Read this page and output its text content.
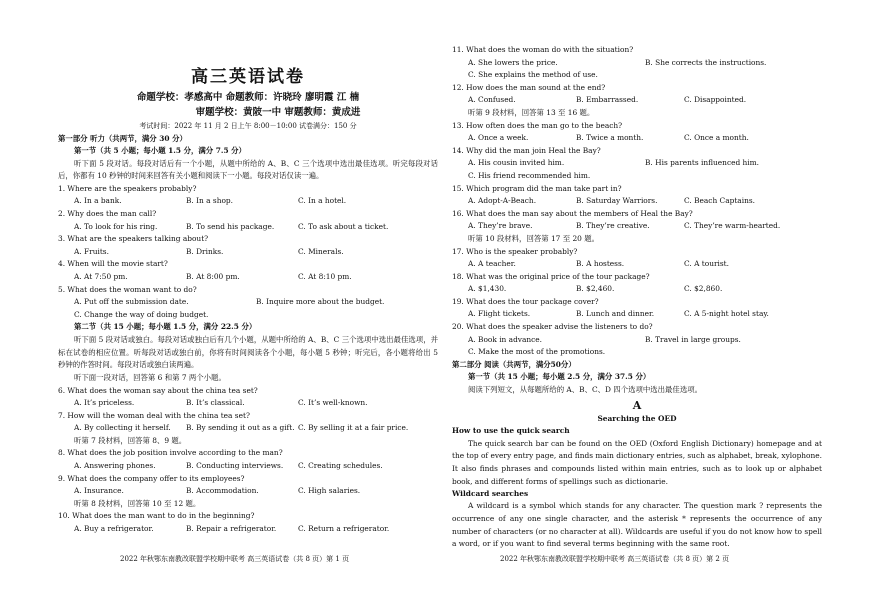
高三英语试卷
命题学校：孝感高中 命题教师：许晓玲 廖明霞 江 楠
审题学校：黄陂一中 审题教师：黄成进
考试时间：2022 年 11 月 2 日上午 8:00－10:00 试卷满分：150 分
第一部分 听力（共两节，满分 30 分）
第一节（共 5 小题；每小题 1.5 分，满分 7.5 分）
听下面 5 段对话。每段对话后有一个小题，从题中所给的 A、B、C 三个选项中选出最佳选项。听完每段对话后，你都有 10 秒钟的时间来回答有关小题和阅读下一小题。每段对话仅读一遍。
1. Where are the speakers probably?
A. In a bank.	B. In a shop.	C. In a hotel.
2. Why does the man call?
A. To look for his ring.	B. To send his package.	C. To ask about a ticket.
3. What are the speakers talking about?
A. Fruits.	B. Drinks.	C. Minerals.
4. When will the movie start?
A. At 7:50 pm.	B. At 8:00 pm.	C. At 8:10 pm.
5. What does the woman want to do?
A. Put off the submission date.	B. Inquire more about the budget.
C. Change the way of doing budget.
第二节（共 15 小题；每小题 1.5 分，满分 22.5 分）
听下面 5 段对话或独白。每段对话或独白后有几个小题，从题中所给的 A、B、C 三个选项中选出最佳选项，并标在试卷的相应位置。听每段对话或独白前，你将有时间阅读各个小题，每小题 5 秒钟；听完后，各小题将给出 5 秒钟的作答时间。每段对话或独白读两遍。
听下面一段对话，回答第 6 和第 7 两个小题。
6. What does the woman say about the china tea set?
A. It’s priceless.	B. It’s classical.	C. It’s well-known.
7. How will the woman deal with the china tea set?
A. By collecting it herself.	B. By sending it out as a gift. C. By selling it at a fair price.
听第 7 段材料，回答第 8、9 题。
8. What does the job position involve according to the man?
A. Answering phones.	B. Conducting interviews.	C. Creating schedules.
9. What does the company offer to its employees?
A. Insurance.	B. Accommodation.	C. High salaries.
听第 8 段材料，回答第 10 至 12 题。
10. What does the man want to do in the beginning?
A. Buy a refrigerator.	B. Repair a refrigerator.	C. Return a refrigerator.
2022 年秋鄂东南教改联盟学校期中联考 高三英语试卷（共 8 页）第 1 页
11. What does the woman do with the situation?
A. She lowers the price.	B. She corrects the instructions.
C. She explains the method of use.
12. How does the man sound at the end?
A. Confused.	B. Embarrassed.	C. Disappointed.
听第 9 段材料，回答第 13 至 16 题。
13. How often does the man go to the beach?
A. Once a week.	B. Twice a month.	C. Once a month.
14. Why did the man join Heal the Bay?
A. His cousin invited him.	B. His parents influenced him.
C. His friend recommended him.
15. Which program did the man take part in?
A. Adopt-A-Beach.	B. Saturday Warriors.	C. Beach Captains.
16. What does the man say about the members of Heal the Bay?
A. They’re brave.	B. They’re creative.	C. They’re warm-hearted.
听第 10 段材料，回答第 17 至 20 题。
17. Who is the speaker probably?
A. A teacher.	B. A hostess.	C. A tourist.
18. What was the original price of the tour package?
A. $1,430.	B. $2,460.	C. $2,860.
19. What does the tour package cover?
A. Flight tickets.	B. Lunch and dinner.	C. A 5-night hotel stay.
20. What does the speaker advise the listeners to do?
A. Book in advance.	B. Travel in large groups.
C. Make the most of the promotions.
第二部分 阅读（共两节，满分50分）
第一节（共 15 小题；每小题 2.5 分，满分 37.5 分）
阅读下列短文，从每题所给的 A、B、C、D 四个选项中选出最佳选项。
A
Searching the OED
How to use the quick search
The quick search bar can be found on the OED (Oxford English Dictionary) homepage and at the top of every entry page, and finds main dictionary entries, such as alphabet, break, xylophone. It also finds phrases and compounds listed within main entries, such as to look up or alphabet book, and different forms of spellings such as dictionarie.
Wildcard searches
A wildcard is a symbol which stands for any character. The question mark ? represents the occurrence of any one single character, and the asterisk * represents the occurrence of any number of characters (or no character at all). Wildcards are useful if you do not know how to spell a word, or if you want to find several terms beginning with the same root.
2022 年秋鄂东南教改联盟学校期中联考 高三英语试卷（共 8 页）第 2 页
